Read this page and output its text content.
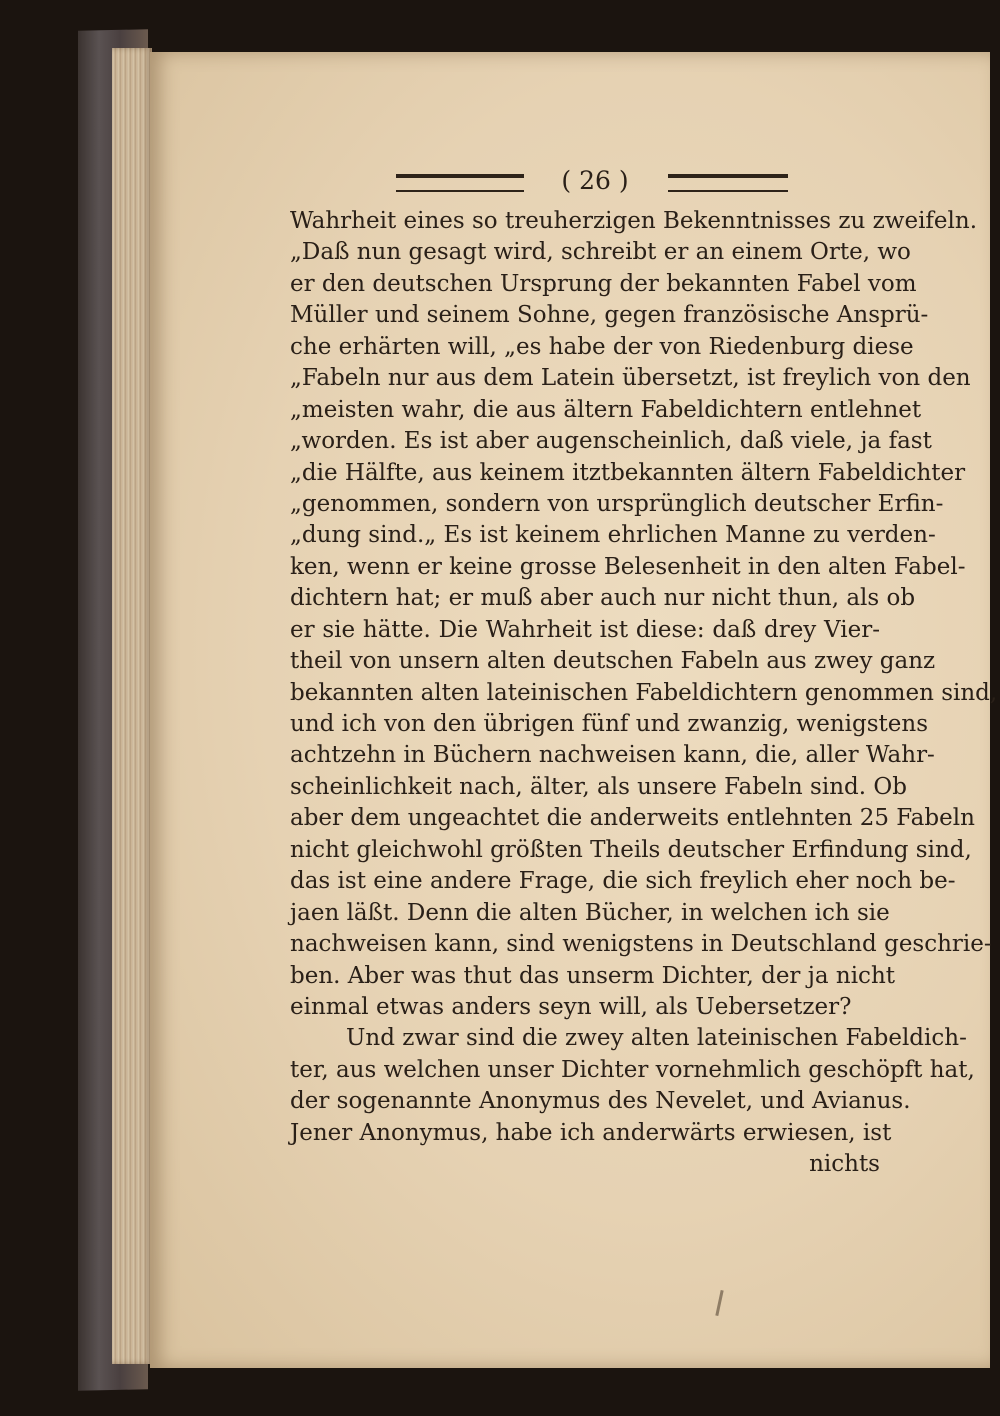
( 26 )
Wahrheit eines so treuherzigen Bekenntnisses zu zweifeln.
„Daß nun gesagt wird, schreibt er an einem Orte, wo
er den deutschen Ursprung der bekannten Fabel vom
Müller und seinem Sohne, gegen französische Ansprü-
che erhärten will, „es habe der von Riedenburg diese
„Fabeln nur aus dem Latein übersetzt, ist freylich von den
„meisten wahr, die aus ältern Fabeldichtern entlehnet
„worden. Es ist aber augenscheinlich, daß viele, ja fast
„die Hälfte, aus keinem itztbekannten ältern Fabeldichter
„genommen, sondern von ursprünglich deutscher Erfin-
„dung sind.„ Es ist keinem ehrlichen Manne zu verden-
ken, wenn er keine grosse Belesenheit in den alten Fabel-
dichtern hat; er muß aber auch nur nicht thun, als ob
er sie hätte. Die Wahrheit ist diese: daß drey Vier-
theil von unsern alten deutschen Fabeln aus zwey ganz
bekannten alten lateinischen Fabeldichtern genommen sind,
und ich von den übrigen fünf und zwanzig, wenigstens
achtzehn in Büchern nachweisen kann, die, aller Wahr-
scheinlichkeit nach, älter, als unsere Fabeln sind. Ob
aber dem ungeachtet die anderweits entlehnten 25 Fabeln
nicht gleichwohl größten Theils deutscher Erfindung sind,
das ist eine andere Frage, die sich freylich eher noch be-
jaen läßt. Denn die alten Bücher, in welchen ich sie
nachweisen kann, sind wenigstens in Deutschland geschrie-
ben. Aber was thut das unserm Dichter, der ja nicht
einmal etwas anders seyn will, als Uebersetzer?
Und zwar sind die zwey alten lateinischen Fabeldich-
ter, aus welchen unser Dichter vornehmlich geschöpft hat,
der sogenannte Anonymus des Nevelet, und Avianus.
Jener Anonymus, habe ich anderwärts erwiesen, ist
nichts
